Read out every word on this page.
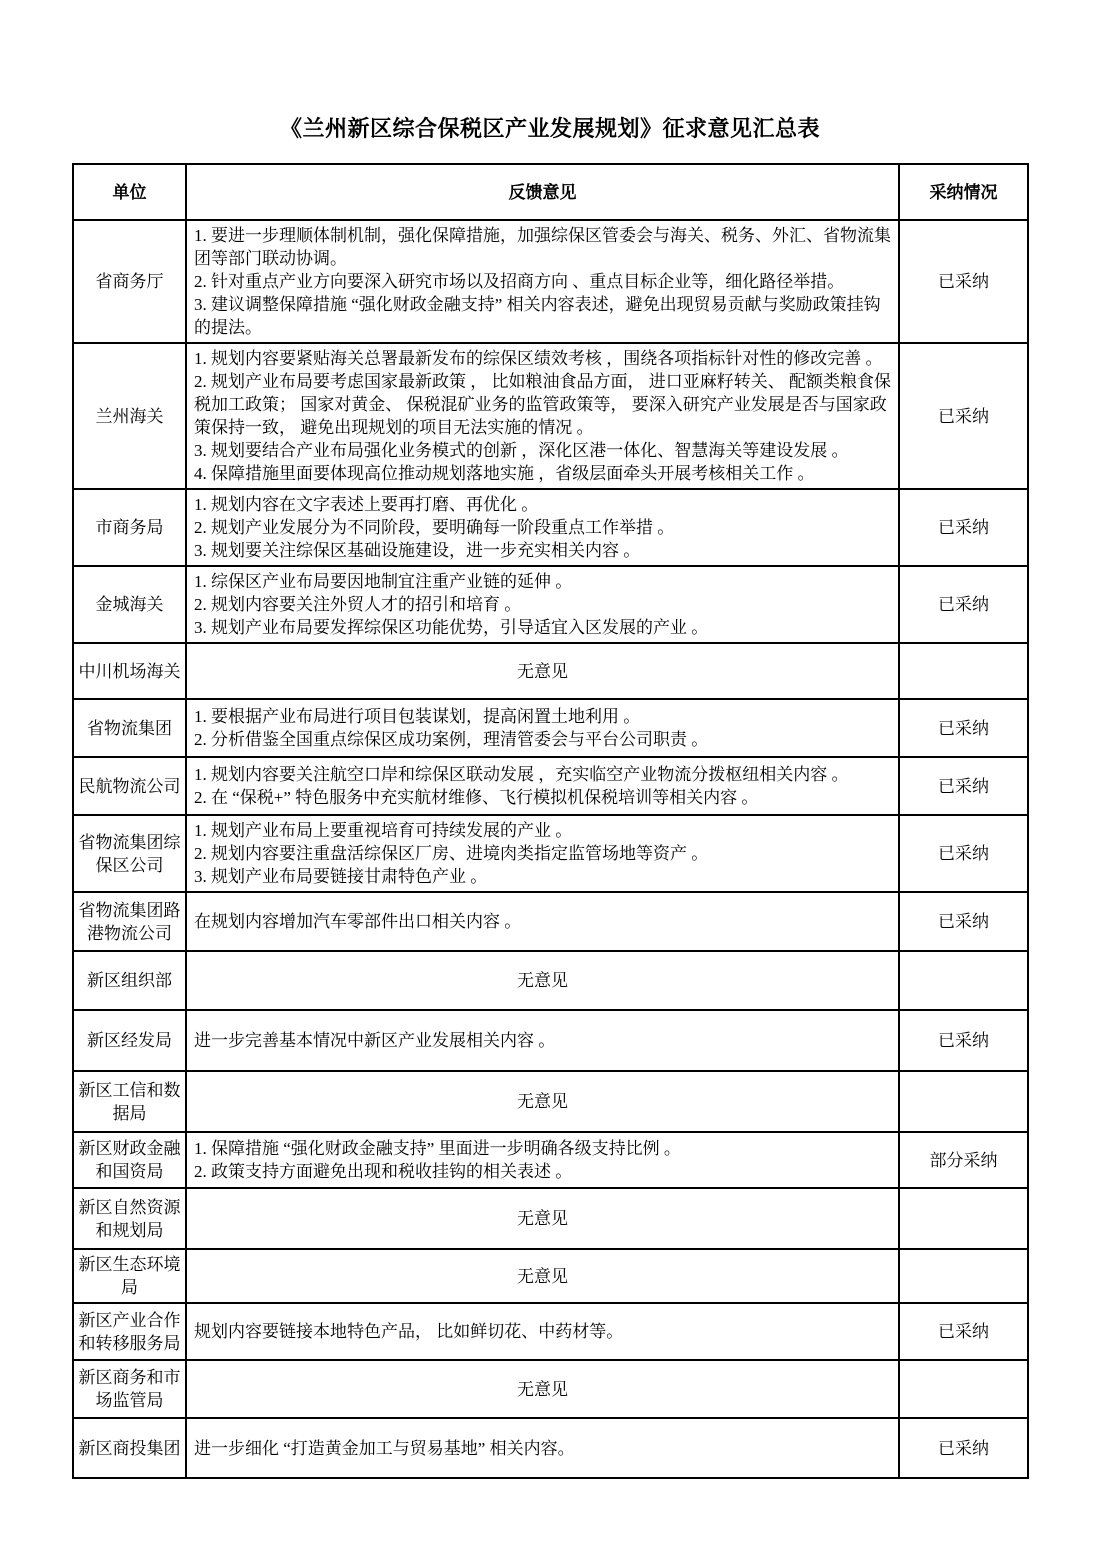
《兰州新区综合保税区产业发展规划》征求意见汇总表
单位	反馈意见	采纳情况
省商务厅	1. 要进一步理顺体制机制，强化保障措施，加强综保区管委会与海关、税务、外汇、省物流集团等部门联动协调。
2. 针对重点产业方向要深入研究市场以及招商方向 、重点目标企业等，细化路径举措。
3. 建议调整保障措施 “强化财政金融支持” 相关内容表述，避免出现贸易贡献与奖励政策挂钩的提法。	已采纳
兰州海关	1. 规划内容要紧贴海关总署最新发布的综保区绩效考核 ，围绕各项指标针对性的修改完善 。
2. 规划产业布局要考虑国家最新政策 ， 比如粮油食品方面， 进口亚麻籽转关、 配额类粮食保税加工政策； 国家对黄金、 保税混矿业务的监管政策等， 要深入研究产业发展是否与国家政策保持一致， 避免出现规划的项目无法实施的情况 。
3. 规划要结合产业布局强化业务模式的创新 ，深化区港一体化、智慧海关等建设发展 。
4. 保障措施里面要体现高位推动规划落地实施 ，省级层面牵头开展考核相关工作 。	已采纳
市商务局	1. 规划内容在文字表述上要再打磨、再优化 。
2. 规划产业发展分为不同阶段，要明确每一阶段重点工作举措 。
3. 规划要关注综保区基础设施建设，进一步充实相关内容 。	已采纳
金城海关	1. 综保区产业布局要因地制宜注重产业链的延伸 。
2. 规划内容要关注外贸人才的招引和培育 。
3. 规划产业布局要发挥综保区功能优势，引导适宜入区发展的产业 。	已采纳
中川机场海关	无意见	

省物流集团	1. 要根据产业布局进行项目包装谋划，提高闲置土地利用 。
2. 分析借鉴全国重点综保区成功案例，理清管委会与平台公司职责 。	已采纳
民航物流公司	1. 规划内容要关注航空口岸和综保区联动发展 ，充实临空产业物流分拨枢纽相关内容 。
2. 在 “保税+” 特色服务中充实航材维修、飞行模拟机保税培训等相关内容 。	已采纳
省物流集团综保区公司	1. 规划产业布局上要重视培育可持续发展的产业 。
2. 规划内容要注重盘活综保区厂房、进境肉类指定监管场地等资产 。
3. 规划产业布局要链接甘肃特色产业 。	已采纳
省物流集团路港物流公司	在规划内容增加汽车零部件出口相关内容 。	已采纳
新区组织部	无意见	

新区经发局	进一步完善基本情况中新区产业发展相关内容 。	已采纳
新区工信和数据局	无意见	

新区财政金融和国资局	1. 保障措施 “强化财政金融支持” 里面进一步明确各级支持比例 。
2. 政策支持方面避免出现和税收挂钩的相关表述 。	部分采纳
新区自然资源和规划局	无意见	

新区生态环境局	无意见	

新区产业合作和转移服务局	规划内容要链接本地特色产品， 比如鲜切花、中药材等。	已采纳
新区商务和市场监管局	无意见	

新区商投集团	进一步细化 “打造黄金加工与贸易基地” 相关内容。	已采纳
